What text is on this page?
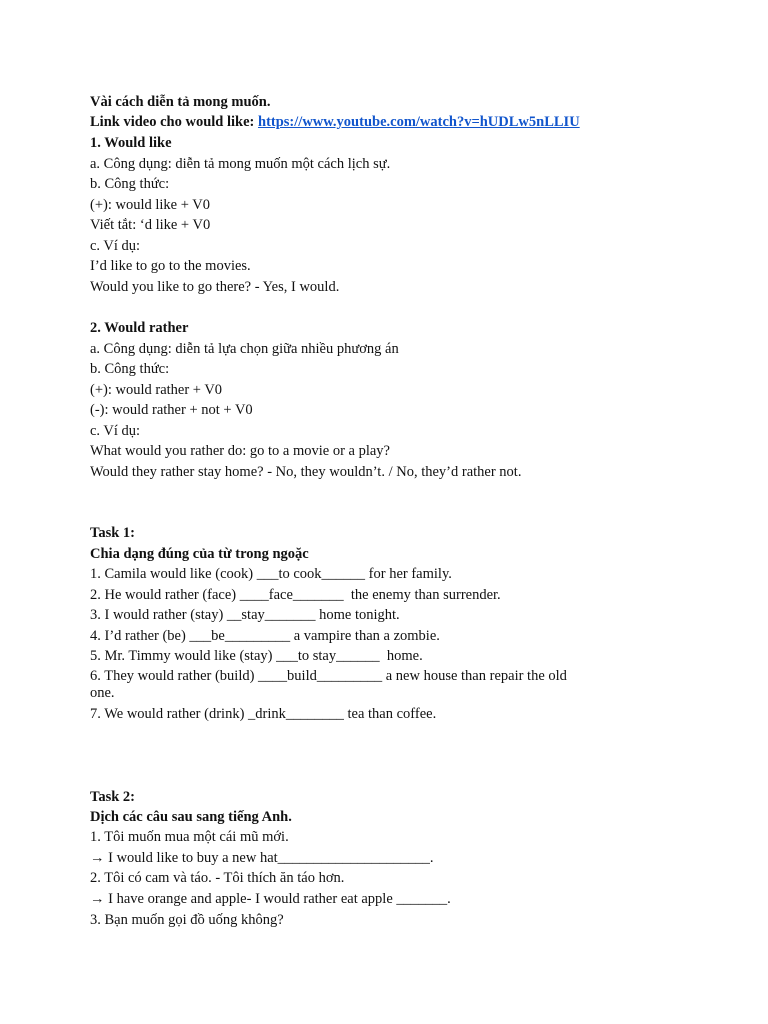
Vài cách diễn tả mong muốn.
Link video cho would like: https://www.youtube.com/watch?v=hUDLw5nLLIU
1. Would like
a. Công dụng: diễn tả mong muốn một cách lịch sự.
b. Công thức:
(+): would like + V0
Viết tắt: ‘d like + V0
c. Ví dụ:
I’d like to go to the movies.
Would you like to go there? - Yes, I would.
2. Would rather
a. Công dụng: diễn tả lựa chọn giữa nhiều phương án
b. Công thức:
(+): would rather + V0
(-): would rather + not + V0
c. Ví dụ:
What would you rather do: go to a movie or a play?
Would they rather stay home? - No, they wouldn’t. / No, they’d rather not.
Task 1:
Chia dạng đúng của từ trong ngoặc
1. Camila would like (cook) ___to cook______ for her family.
2. He would rather (face) ____face_______  the enemy than surrender.
3. I would rather (stay) __stay_______ home tonight.
4. I’d rather (be) ___be_________ a vampire than a zombie.
5. Mr. Timmy would like (stay) ___to stay______  home.
6. They would rather (build) ____build_________ a new house than repair the old one.
7. We would rather (drink) _drink________ tea than coffee.
Task 2:
Dịch các câu sau sang tiếng Anh.
1. Tôi muốn mua một cái mũ mới.
→ I would like to buy a new hat_____________________.
2. Tôi có cam và táo. - Tôi thích ăn táo hơn.
→ I have orange and apple- I would rather eat apple _______.
3. Bạn muốn gọi đồ uống không?
